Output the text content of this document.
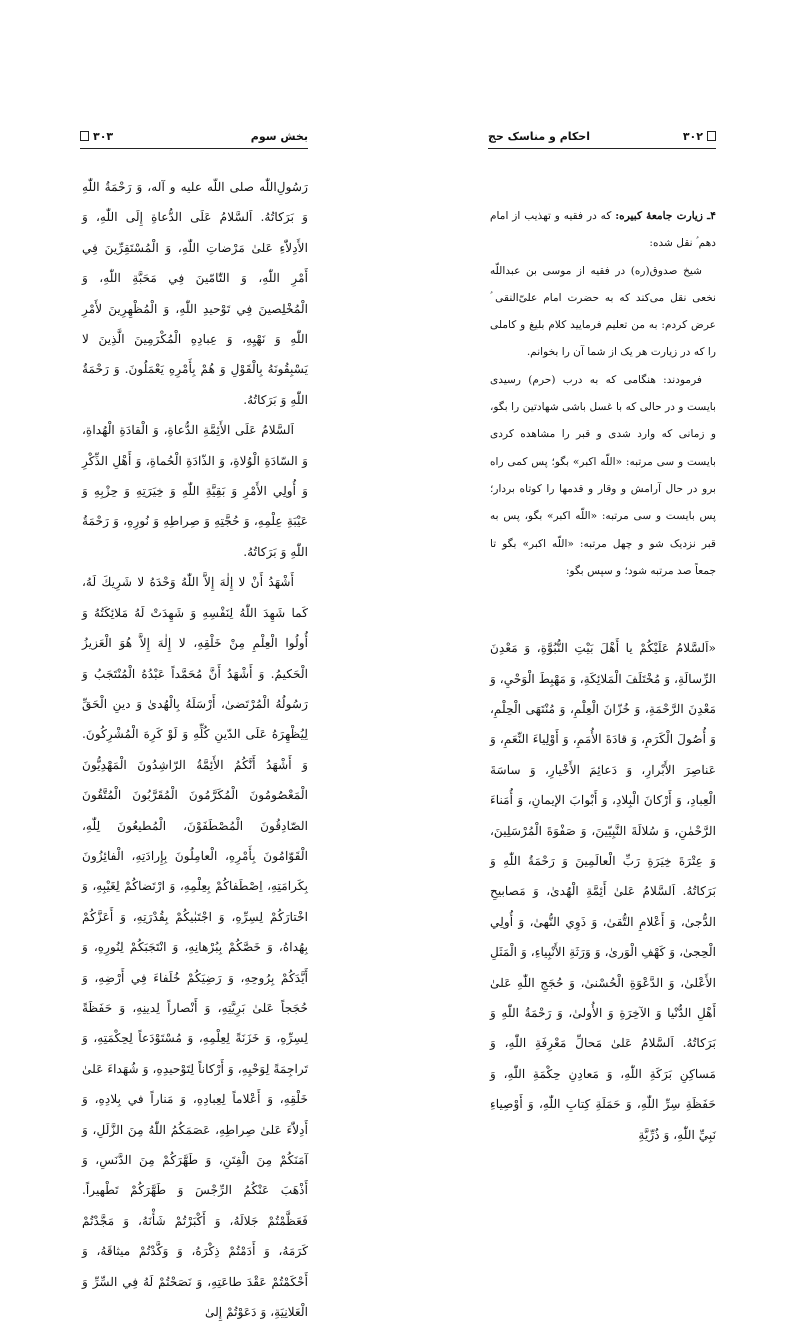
۳۰۳	بخش سوم

رَسُولِ‌اللّٰه صلی اللّه علیه و آله، وَ رَحْمَةُ اللّٰهِ وَ بَرَكاتُهُ. اَلسَّلامُ عَلَى الدُّعاةِ إِلَى اللّٰهِ، وَ الأَدِلاّٰءِ عَلىٰ مَرْضاتِ اللّٰهِ، وَ الْمُسْتَقِرِّينَ فِي أَمْرِ اللّٰهِ، وَ التّٰامّينَ فِي مَحَبَّةِ اللّٰهِ، وَ الْمُخْلِصينَ فِي تَوْحيدِ اللّٰهِ، وَ الْمُظْهِرِينَ لأَمْرِ اللّٰهِ وَ نَهْيِهِ، وَ عِبادِهِ الْمُكْرَمِينَ الَّذِينَ لا يَسْبِقُونَهُ بِالْقَوْلِ وَ هُمْ بِأَمْرِهِ يَعْمَلُونَ. وَ رَحْمَةُ اللّٰهِ وَ بَرَكاتُهُ.

اَلسَّلامُ عَلَى الأَئِمَّةِ الدُّعاةِ، وَ الْقادَةِ الْهُداةِ، وَ السّادَةِ الْوُلاةِ، وَ الذّادَةِ الْحُماةِ، وَ أَهْلِ الذِّكْرِ وَ أُولِي الأَمْرِ وَ بَقِيَّةِ اللّٰهِ وَ خِيَرَتِهِ وَ حِزْبِهِ وَ عَيْبَةِ عِلْمِهِ، وَ حُجَّتِهِ وَ صِراطِهِ وَ نُورِهِ، وَ رَحْمَةُ اللّٰهِ وَ بَرَكاتُهُ.

أَشْهَدُ أَنْ لا إِلٰهَ إِلاَّ اللّٰهُ وَحْدَهُ لا شَرِيكَ لَهُ، كَما شَهِدَ اللّٰهُ لِنَفْسِهِ وَ شَهِدَتْ لَهُ مَلائِكَتُهُ وَ أُولُوا الْعِلْمِ مِنْ خَلْقِهِ، لا إِلٰهَ إِلاَّ هُوَ الْعَزيزُ الْحَكيمُ. وَ أَشْهَدُ أَنَّ مُحَمَّداً عَبْدُهُ الْمُنْتَجَبُ وَ رَسُولُهُ الْمُرْتَضىٰ، أَرْسَلَهُ بِالْهُدىٰ وَ دينِ الْحَقِّ لِيُظْهِرَهُ عَلَى الدّينِ كُلِّهِ وَ لَوْ كَرِهَ الْمُشْرِكُونَ. وَ أَشْهَدُ أَنَّكُمُ الأَئِمَّةُ الرّاشِدُونَ الْمَهْدِيُّونَ الْمَعْصُومُونَ الْمُكَرَّمُونَ الْمُقَرَّبُونَ الْمُتَّقُونَ الصّادِقُونَ الْمُصْطَفَوْنَ، الْمُطيعُونَ لِلّٰهِ، الْقَوّامُونَ بِأَمْرِهِ، الْعامِلُونَ بِإِرادَتِهِ، الْفائِزُونَ بِكَرامَتِهِ، اِصْطَفاكُمْ بِعِلْمِهِ، وَ ارْتَضاكُمْ لِغَيْبِهِ، وَ اخْتارَكُمْ لِسِرِّهِ، وَ اجْتَبٰيكُمْ بِقُدْرَتِهِ، وَ أَعَزَّكُمْ بِهُداهُ، وَ خَصَّكُمْ بِبُرْهانِهِ، وَ انْتَجَبَكُمْ لِنُورِهِ، وَ أَيَّدَكُمْ بِرُوحِهِ، وَ رَضِيَكُمْ خُلَفاءَ فِي أَرْضِهِ، وَ حُجَجاً عَلىٰ بَرِيَّتِهِ، وَ أَنْصاراً لِدينِهِ، وَ حَفَظَةً لِسِرِّهِ، وَ خَزَنَةً لِعِلْمِهِ، وَ مُسْتَوْدَعاً لِحِكْمَتِهِ، وَ تَراجِمَةً لِوَحْيِهِ، وَ أَرْكاناً لِتَوْحيدِهِ، وَ شُهَداءَ عَلىٰ خَلْقِهِ، وَ أَعْلاماً لِعِبادِهِ، وَ مَناراً في بِلادِهِ، وَ أَدِلاّٰءَ عَلىٰ صِراطِهِ، عَصَمَكُمُ اللّٰهُ مِنَ الزَّلَلِ، وَ آمَنَكُمْ مِنَ الْفِتَنِ، وَ طَهَّرَكُمْ مِنَ الدَّنَسِ، وَ أَذْهَبَ عَنْكُمُ الرِّجْسَ وَ طَهَّرَكُمْ تَطْهيراً. فَعَظَّمْتُمْ جَلالَهُ، وَ أَكْبَرْتُمْ شَأْنَهُ، وَ مَجَّدْتُمْ كَرَمَهُ، وَ أَدَمْتُمْ ذِكْرَهُ، وَ وَكَّدْتُمْ ميثاقَهُ، وَ أَحْكَمْتُمْ عَقْدَ طاعَتِهِ، وَ نَصَحْتُمْ لَهُ فِي السِّرِّ وَ الْعَلانِيَةِ، وَ دَعَوْتُمْ إِلىٰ

احکام و مناسک حج	۳۰۲

۴ـ زیارت جامعهٔ کبیره: که در فقیه و تهذیب از امام دهم ؑ نقل شده:

شیخ صدوق(ره) در فقیه از موسی بن عبداللّه نخعی نقل می‌کند که به حضرت امام علیّ‌النقی ؑ عرض کردم: به من تعلیم فرمایید کلام بلیغ و کاملی را که در زیارت هر یک از شما آن را بخوانم.

فرمودند: هنگامی که به درب (حرم) رسیدی بایست و در حالی که با غسل باشی شهادتین را بگو، و زمانی که وارد شدی و قبر را مشاهده کردی بایست و سی مرتبه: «اللّه اکبر» بگو؛ پس کمی راه برو در حال آرامش و وقار و قدمها را کوتاه بردار؛ پس بایست و سی مرتبه: «اللّه اکبر» بگو، پس به قبر نزدیک شو و چهل مرتبه: «اللّه اکبر» بگو تا جمعاً صد مرتبه شود؛ و سپس بگو:

«اَلسَّلامُ عَلَيْكُمْ يا أَهْلَ بَيْتِ النُّبُوَّةِ، وَ مَعْدِنَ الرِّسالَةِ، وَ مُخْتَلَفَ الْمَلائِكَةِ، وَ مَهْبِطَ الْوَحْيِ، وَ مَعْدِنَ الرَّحْمَةِ، وَ خُزّانَ الْعِلْمِ، وَ مُنْتَهَى الْحِلْمِ، وَ أُصُولَ الْكَرَمِ، وَ قادَةَ الأُمَمِ، وَ أَوْلِياءَ النِّعَمِ، وَ عَناصِرَ الأَبْرارِ، وَ دَعائِمَ الأَخْيارِ، وَ ساسَةَ الْعِبادِ، وَ أَرْكانَ الْبِلادِ، وَ أَبْوابَ الإيمانِ، وَ أُمَناءَ الرَّحْمٰنِ، وَ سُلالَةَ النَّبِيّينَ، وَ صَفْوَةَ الْمُرْسَلِينَ، وَ عِتْرَةَ خِيَرَةِ رَبِّ الْعالَمِينَ وَ رَحْمَةُ اللّٰهِ وَ بَرَكاتُهُ. اَلسَّلامُ عَلىٰ أَئِمَّةِ الْهُدىٰ، وَ مَصابيحِ الدُّجىٰ، وَ أَعْلامِ التُّقىٰ، وَ ذَوِي النُّهىٰ، وَ أُولِي الْحِجىٰ، وَ كَهْفِ الْوَرىٰ، وَ وَرَثَةِ الأَنْبِياءِ، وَ الْمَثَلِ الأَعْلىٰ، وَ الدَّعْوَةِ الْحُسْنىٰ، وَ حُجَجِ اللّٰهِ عَلىٰ أَهْلِ الدُّنْيا وَ الآخِرَةِ وَ الأُولىٰ، وَ رَحْمَةُ اللّٰهِ وَ بَرَكاتُهُ. اَلسَّلامُ عَلىٰ مَحالِّ مَعْرِفَةِ اللّٰهِ، وَ مَساكِنِ بَرَكَةِ اللّٰهِ، وَ مَعادِنِ حِكْمَةِ اللّٰهِ، وَ حَفَظَةِ سِرِّ اللّٰهِ، وَ حَمَلَةِ كِتابِ اللّٰهِ، وَ أَوْصِياءِ نَبِيِّ اللّٰهِ، وَ ذُرِّيَّةِ
